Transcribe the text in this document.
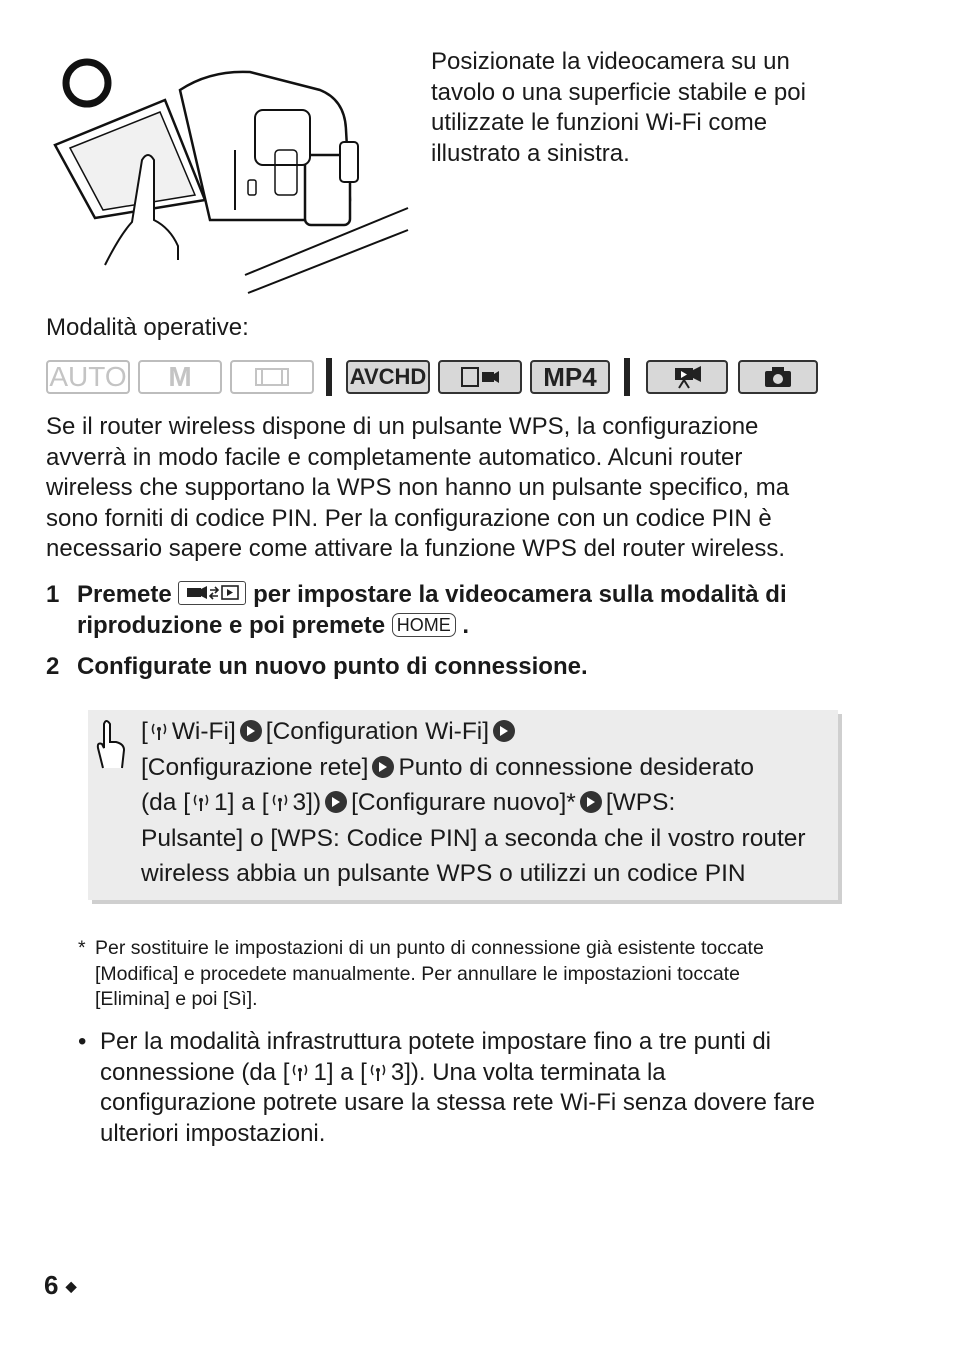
Posizionate la videocamera su un
tavolo o una superficie stabile e poi
utilizzate le funzioni Wi-Fi come
illustrato a sinistra.
Modalità operative:
AUTO	M	AVCHD	MP4
Se il router wireless dispone di un pulsante WPS, la configurazione
avverrà in modo facile e completamente automatico. Alcuni router
wireless che supportano la WPS non hanno un pulsante specifico, ma
sono forniti di codice PIN. Per la configurazione con un codice PIN è
necessario sapere come attivare la funzione WPS del router wireless.
1 Premete	per impostare la videocamera sulla modalità di
riproduzione e poi premete HOME .
2 Configurate un nuovo punto di connessione.
[ Wi-Fi] [Configuration Wi-Fi]
[Configurazione rete] Punto di connessione desiderato
(da [ 1] a [ 3]) [Configurare nuovo]* [WPS:
Pulsante] o [WPS: Codice PIN] a seconda che il vostro router
wireless abbia un pulsante WPS o utilizzi un codice PIN
* Per sostituire le impostazioni di un punto di connessione già esistente toccate
[Modifica] e procedete manualmente. Per annullare le impostazioni toccate
[Elimina] e poi [Sì].
• Per la modalità infrastruttura potete impostare fino a tre punti di
connessione (da [ 1] a [ 3]). Una volta terminata la
configurazione potrete usare la stessa rete Wi-Fi senza dovere fare
ulteriori impostazioni.
6 ◆
